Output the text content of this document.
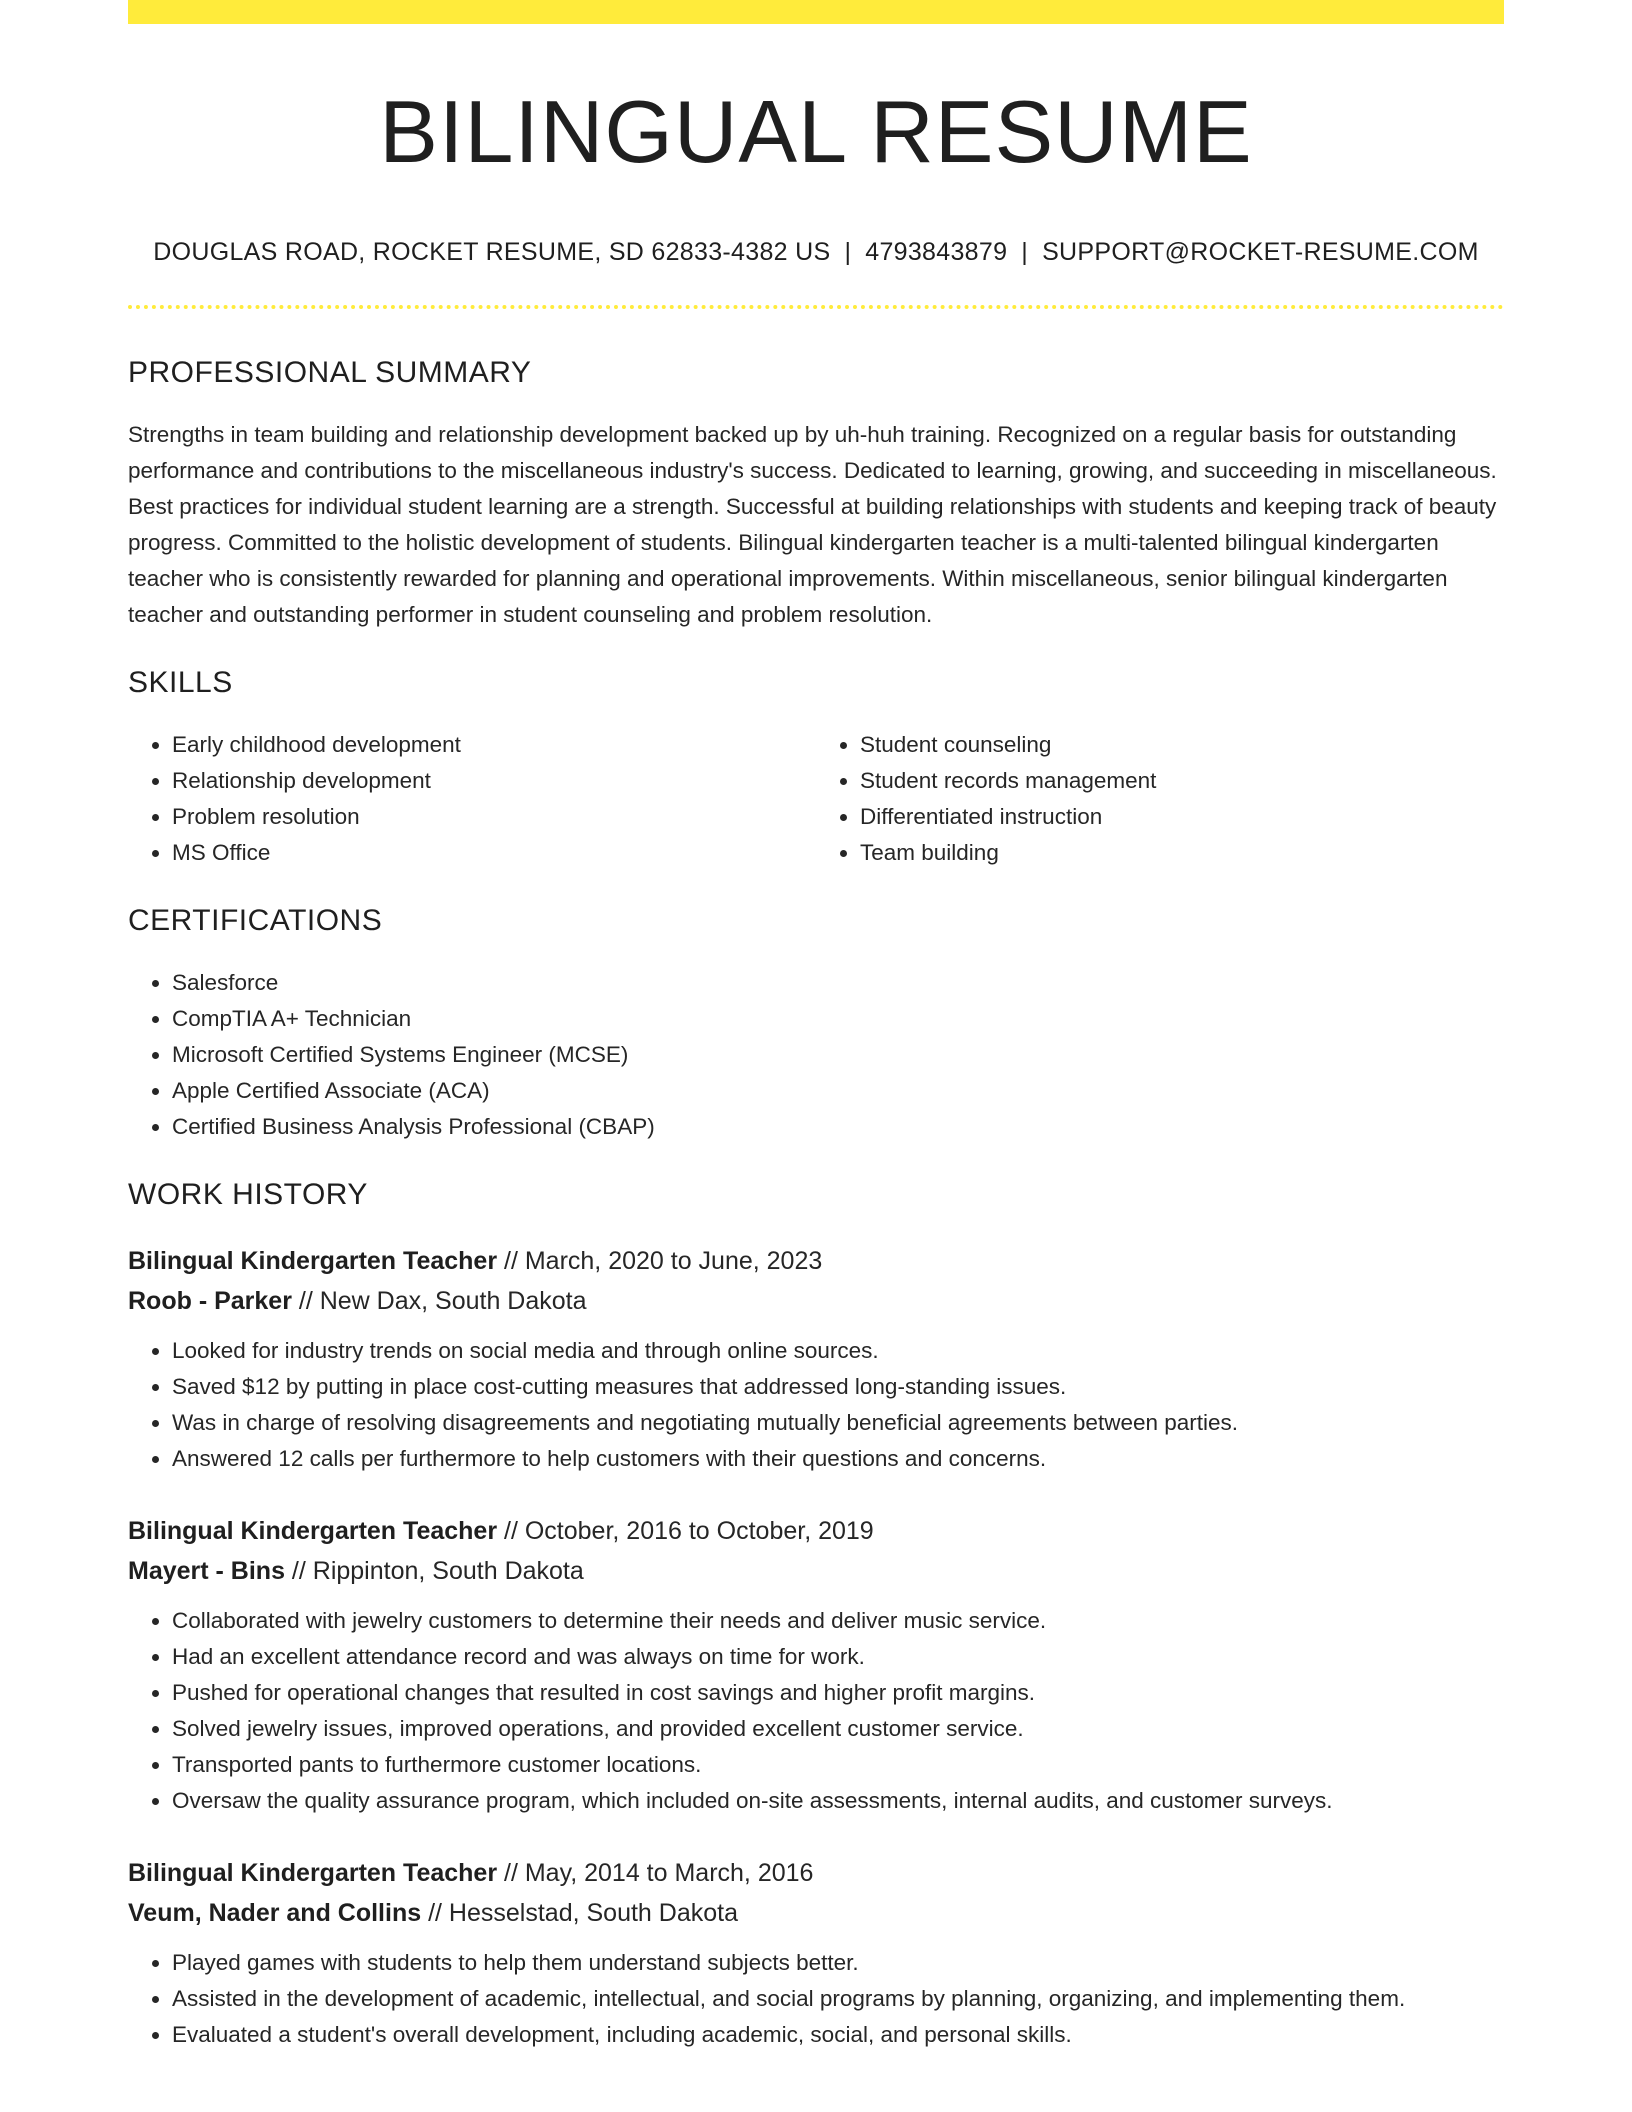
BILINGUAL RESUME
DOUGLAS ROAD, ROCKET RESUME, SD 62833-4382 US | 4793843879 | SUPPORT@ROCKET-RESUME.COM
PROFESSIONAL SUMMARY

Strengths in team building and relationship development backed up by uh-huh training. Recognized on a regular basis for outstanding performance and contributions to the miscellaneous industry's success. Dedicated to learning, growing, and succeeding in miscellaneous. Best practices for individual student learning are a strength. Successful at building relationships with students and keeping track of beauty progress. Committed to the holistic development of students. Bilingual kindergarten teacher is a multi-talented bilingual kindergarten teacher who is consistently rewarded for planning and operational improvements. Within miscellaneous, senior bilingual kindergarten teacher and outstanding performer in student counseling and problem resolution.

SKILLS
• Early childhood development
• Relationship development
• Problem resolution
• MS Office
• Student counseling
• Student records management
• Differentiated instruction
• Team building
CERTIFICATIONS
• Salesforce
• CompTIA A+ Technician
• Microsoft Certified Systems Engineer (MCSE)
• Apple Certified Associate (ACA)
• Certified Business Analysis Professional (CBAP)
WORK HISTORY
Bilingual Kindergarten Teacher // March, 2020 to June, 2023
Roob - Parker // New Dax, South Dakota
• Looked for industry trends on social media and through online sources.
• Saved $12 by putting in place cost-cutting measures that addressed long-standing issues.
• Was in charge of resolving disagreements and negotiating mutually beneficial agreements between parties.
• Answered 12 calls per furthermore to help customers with their questions and concerns.
Bilingual Kindergarten Teacher // October, 2016 to October, 2019
Mayert - Bins // Rippinton, South Dakota
• Collaborated with jewelry customers to determine their needs and deliver music service.
• Had an excellent attendance record and was always on time for work.
• Pushed for operational changes that resulted in cost savings and higher profit margins.
• Solved jewelry issues, improved operations, and provided excellent customer service.
• Transported pants to furthermore customer locations.
• Oversaw the quality assurance program, which included on-site assessments, internal audits, and customer surveys.
Bilingual Kindergarten Teacher // May, 2014 to March, 2016
Veum, Nader and Collins // Hesselstad, South Dakota
• Played games with students to help them understand subjects better.
• Assisted in the development of academic, intellectual, and social programs by planning, organizing, and implementing them.
• Evaluated a student's overall development, including academic, social, and personal skills.
